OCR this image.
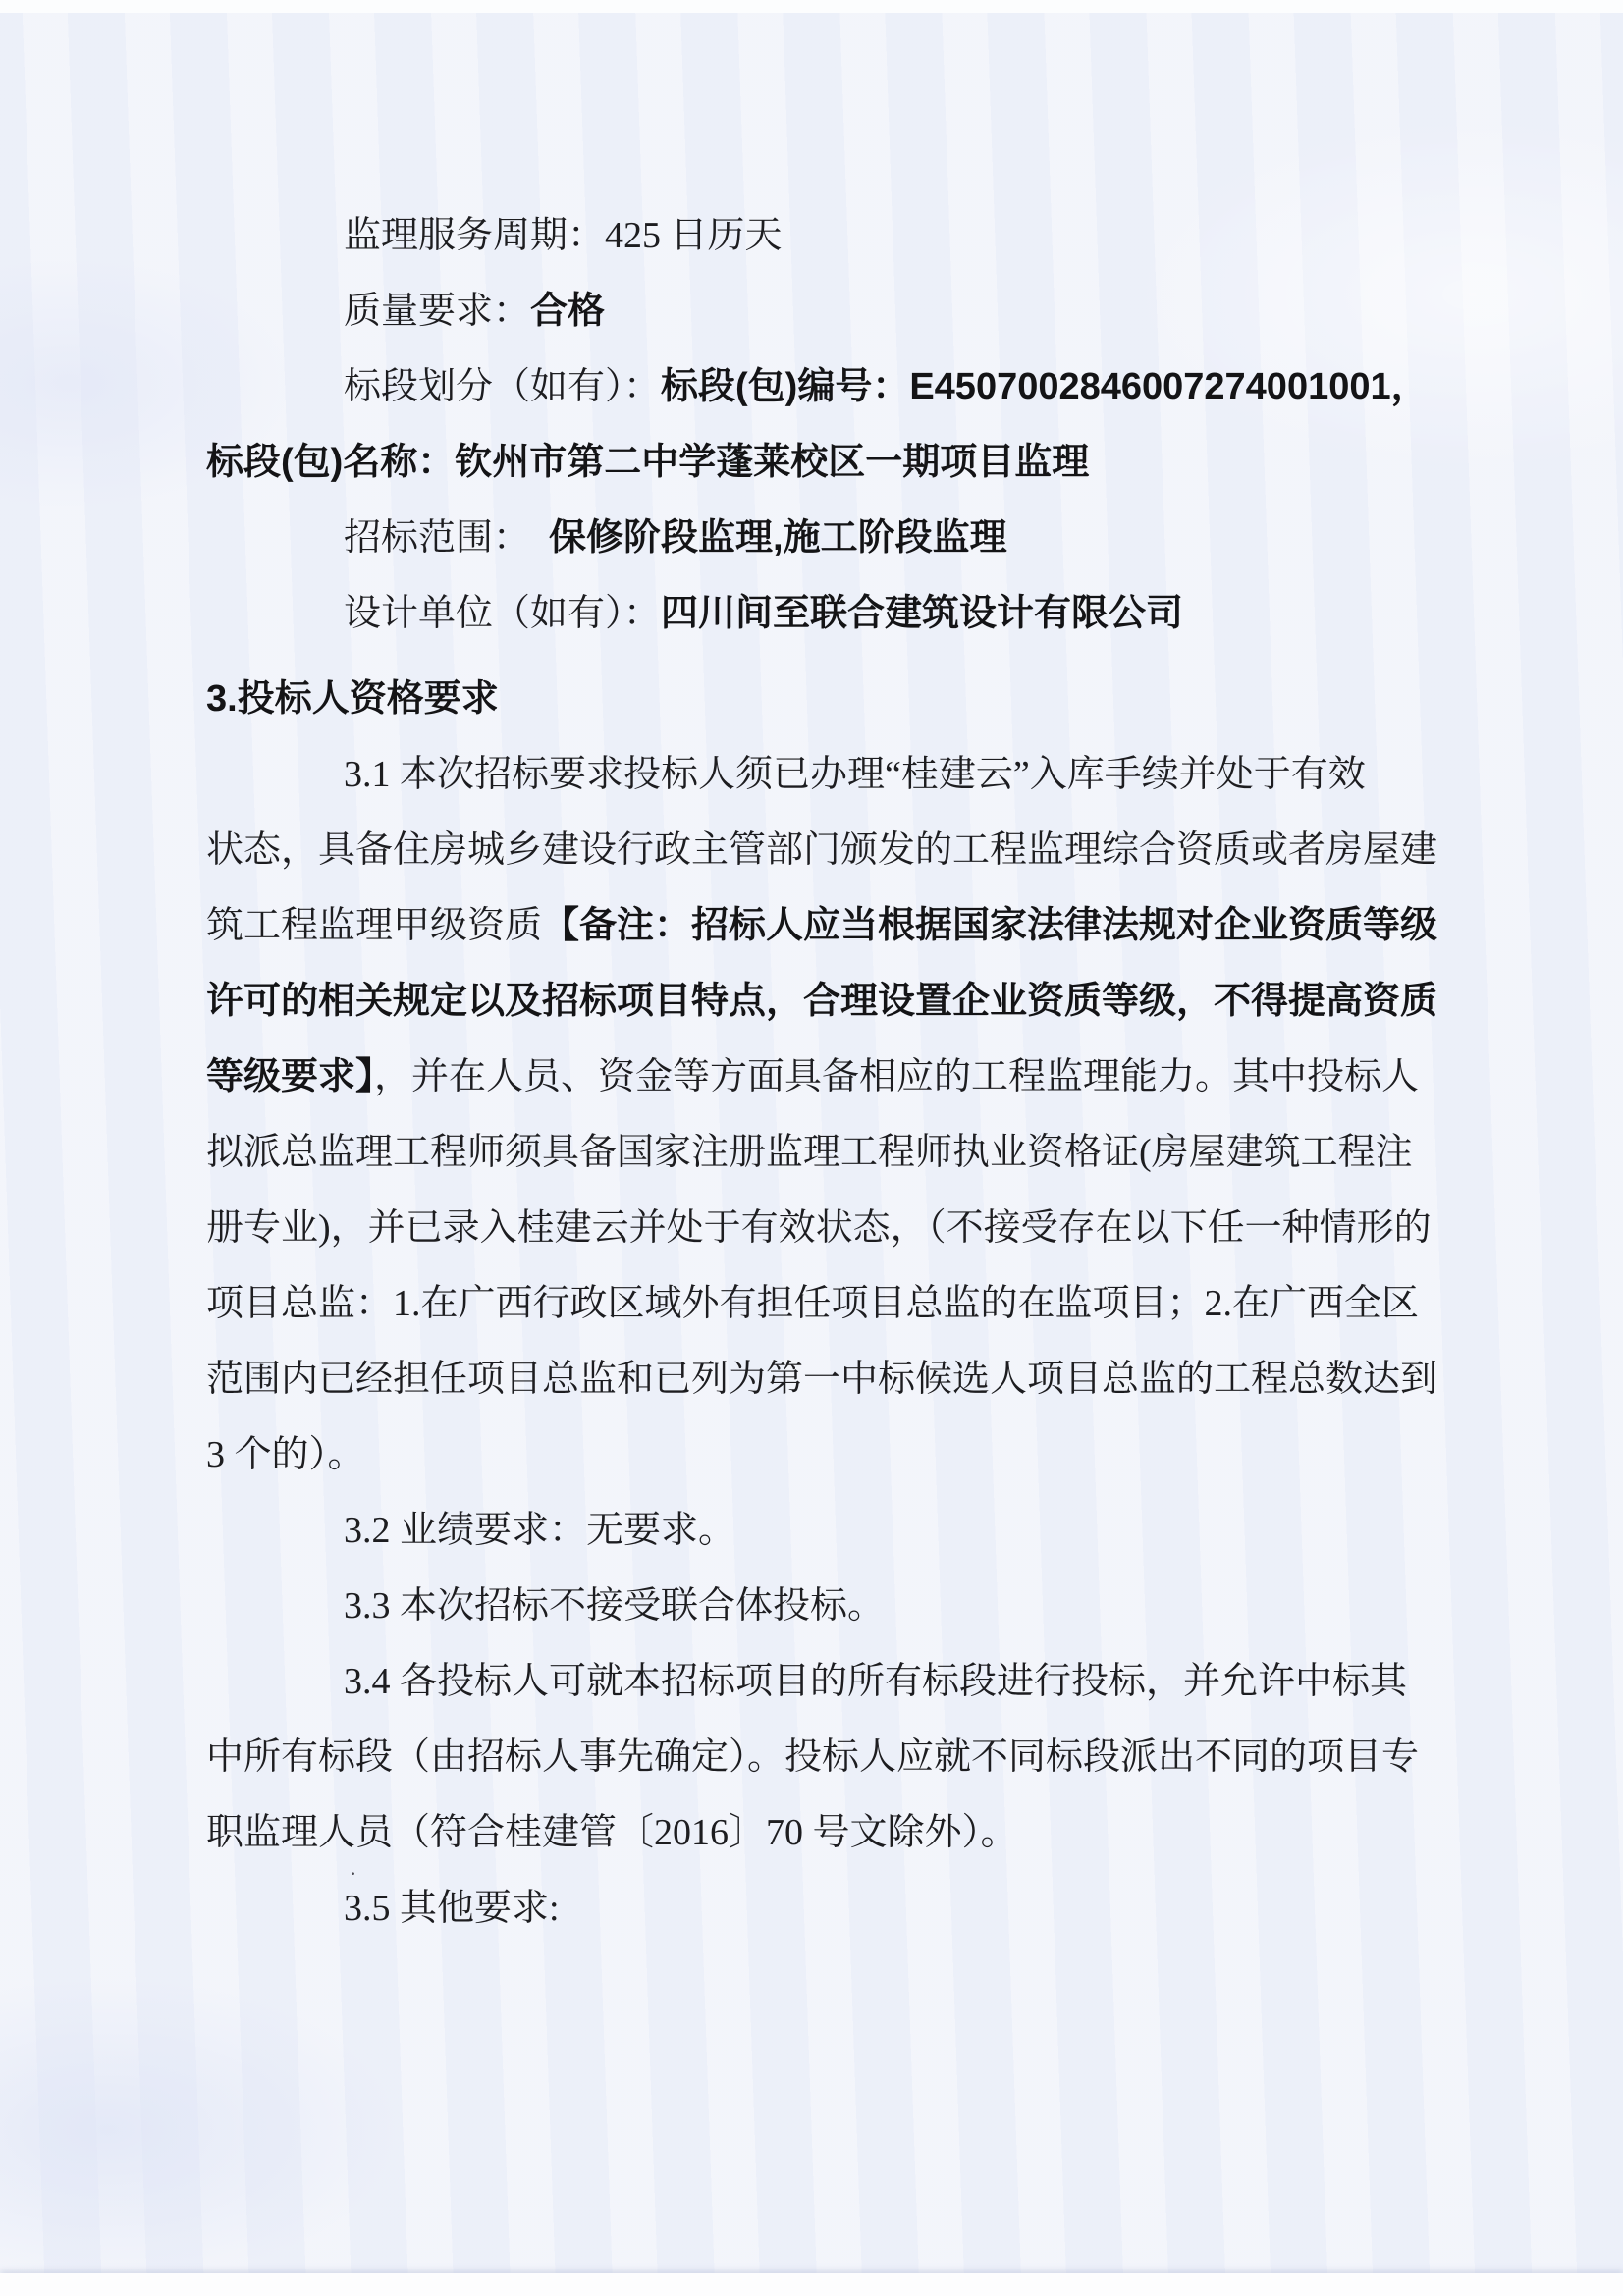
监理服务周期：425 日历天
质量要求：合格
标段划分（如有）：标段(包)编号：E4507002846007274001001，
标段(包)名称：钦州市第二中学蓬莱校区一期项目监理
招标范围：  保修阶段监理,施工阶段监理
设计单位（如有）：四川间至联合建筑设计有限公司
3.投标人资格要求
3.1 本次招标要求投标人须已办理“桂建云”入库手续并处于有效
状态，具备住房城乡建设行政主管部门颁发的工程监理综合资质或者房屋建
筑工程监理甲级资质【备注：招标人应当根据国家法律法规对企业资质等级
许可的相关规定以及招标项目特点，合理设置企业资质等级，不得提高资质
等级要求】，并在人员、资金等方面具备相应的工程监理能力。其中投标人
拟派总监理工程师须具备国家注册监理工程师执业资格证(房屋建筑工程注
册专业)，并已录入桂建云并处于有效状态，（不接受存在以下任一种情形的
项目总监：1.在广西行政区域外有担任项目总监的在监项目；2.在广西全区
范围内已经担任项目总监和已列为第一中标候选人项目总监的工程总数达到
3 个的）。
3.2 业绩要求：无要求。
3.3 本次招标不接受联合体投标。
3.4 各投标人可就本招标项目的所有标段进行投标，并允许中标其
中所有标段（由招标人事先确定）。投标人应就不同标段派出不同的项目专
职监理人员（符合桂建管〔2016〕70 号文除外）。
3.5 其他要求:
·
